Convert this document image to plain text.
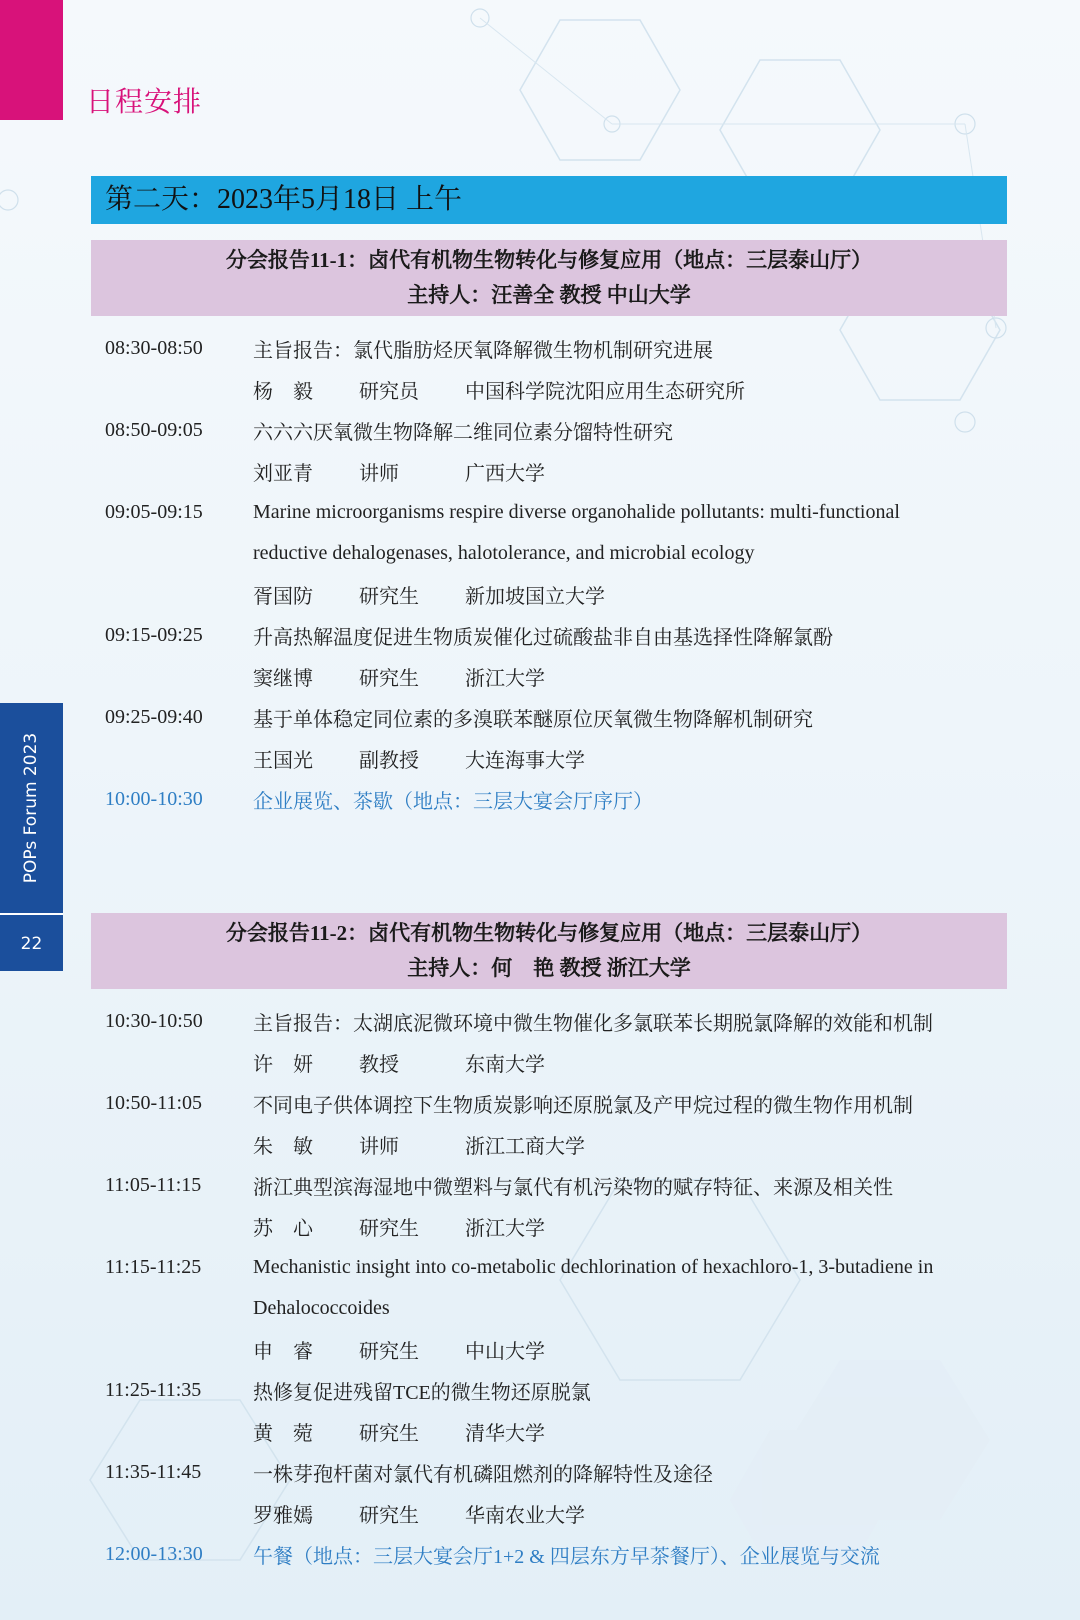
日程安排
POPs Forum 2023
22
第二天：2023年5月18日 上午
分会报告11-1：卤代有机物生物转化与修复应用（地点：三层泰山厅）
主持人：汪善全 教授 中山大学
08:30-08:50	主旨报告：氯代脂肪烃厌氧降解微生物机制研究进展
杨　毅	研究员	中国科学院沈阳应用生态研究所
08:50-09:05	六六六厌氧微生物降解二维同位素分馏特性研究
刘亚青	讲师	广西大学
09:05-09:15	Marine microorganisms respire diverse organohalide pollutants: multi-functional
reductive dehalogenases, halotolerance, and microbial ecology
胥国防	研究生	新加坡国立大学
09:15-09:25	升高热解温度促进生物质炭催化过硫酸盐非自由基选择性降解氯酚
窦继博	研究生	浙江大学
09:25-09:40	基于单体稳定同位素的多溴联苯醚原位厌氧微生物降解机制研究
王国光	副教授	大连海事大学
10:00-10:30	企业展览、茶歇（地点：三层大宴会厅序厅）
分会报告11-2：卤代有机物生物转化与修复应用（地点：三层泰山厅）
主持人：何　艳 教授 浙江大学
10:30-10:50	主旨报告：太湖底泥微环境中微生物催化多氯联苯长期脱氯降解的效能和机制
许　妍	教授	东南大学
10:50-11:05	不同电子供体调控下生物质炭影响还原脱氯及产甲烷过程的微生物作用机制
朱　敏	讲师	浙江工商大学
11:05-11:15	浙江典型滨海湿地中微塑料与氯代有机污染物的赋存特征、来源及相关性
苏　心	研究生	浙江大学
11:15-11:25	Mechanistic insight into co-metabolic dechlorination of hexachloro-1, 3-butadiene in
Dehalococcoides
申　睿	研究生	中山大学
11:25-11:35	热修复促进残留TCE的微生物还原脱氯
黄　菀	研究生	清华大学
11:35-11:45	一株芽孢杆菌对氯代有机磷阻燃剂的降解特性及途径
罗雅嫣	研究生	华南农业大学
12:00-13:30	午餐（地点：三层大宴会厅1+2 & 四层东方早茶餐厅）、企业展览与交流
